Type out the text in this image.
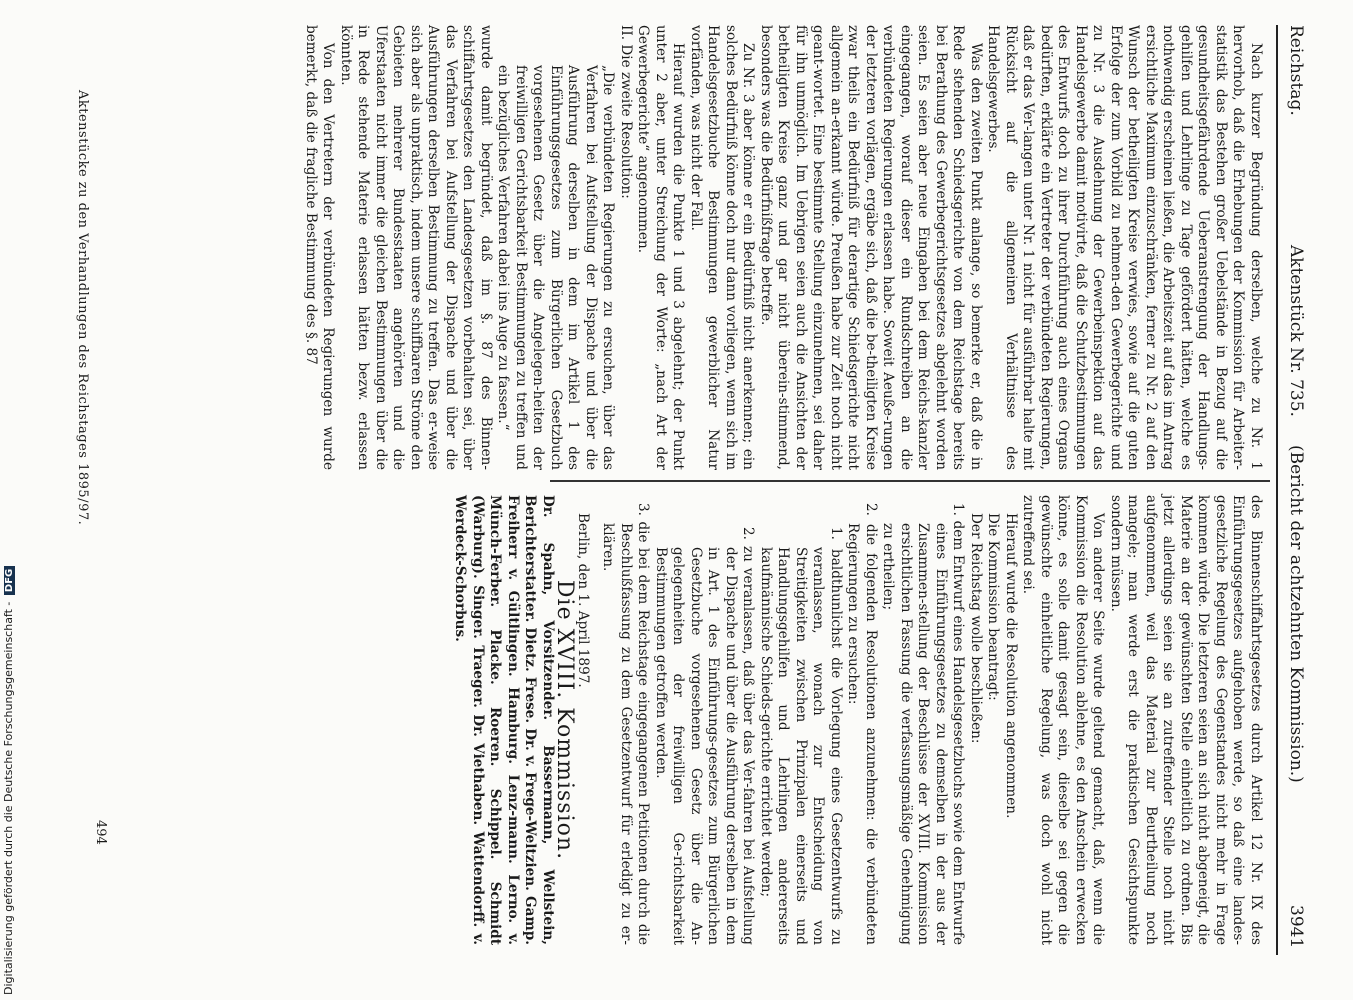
Reichstag.
Aktenstück Nr. 735.
(Bericht der achtzehnten Kommission.)
3941

Nach kurzer Begründung derselben, welche zu Nr. 1 hervorhob, daß die Erhebungen der Kommission für Arbeiter-statistik das Bestehen großer Uebelstände in Bezug auf die gesundheitsgefährdende Ueberanstrengung der Handlungs-gehilfen und Lehrlinge zu Tage gefördert hätten, welche es nothwendig erscheinen ließen, die Arbeitszeit auf das im Antrag ersichtliche Maximum einzuschränken, ferner zu Nr. 2 auf den Wunsch der betheiligten Kreise verwies, sowie auf die guten Erfolge der zum Vorbild zu nehmen-den Gewerbegerichte und zu Nr. 3 die Ausdehnung der Gewerbeinspektion auf das Handelsgewerbe damit motivirte, daß die Schutzbestimmungen des Entwurfs doch zu ihrer Durchführung auch eines Organs bedürften, erklärte ein Vertreter der verbündeten Regierungen, daß er das Ver-langen unter Nr. 1 nicht für ausführbar halte mit Rücksicht auf die allgemeinen Verhältnisse des Handelsgewerbes.

Was den zweiten Punkt anlange, so bemerke er, daß die in Rede stehenden Schiedsgerichte von dem Reichstage bereits bei Berathung des Gewerbegerichtsgesetzes abgelehnt worden seien. Es seien aber neue Eingaben bei dem Reichs-kanzler eingegangen, worauf dieser ein Rundschreiben an die verbündeten Regierungen erlassen habe. Soweit Aeuße-rungen der letzteren vorlägen, ergäbe sich, daß die be-theiligten Kreise zwar theils ein Bedürfniß für derartige Schiedsgerichte nicht allgemein an-erkannt würde. Preußen habe zur Zeit noch nicht geant-wortet. Eine bestimmte Stellung einzunehmen, sei daher für ihn unmöglich. Im Uebrigen seien auch die Ansichten der betheiligten Kreise ganz und gar nicht überein-stimmend, besonders was die Bedürfnißfrage betreffe.

Zu Nr. 3 aber könne er ein Bedürfniß nicht anerkennen; ein solches Bedürfniß könne doch nur dann vorliegen, wenn sich im Handelsgesetzbuche Bestimmungen gewerblicher Natur vorfänden, was nicht der Fall.

Hierauf wurden die Punkte 1 und 3 abgelehnt; der Punkt unter 2 aber, unter Streichung der Worte: „nach Art der Gewerbegerichte“ angenommen.

II. Die zweite Resolution:

„Die verbündeten Regierungen zu ersuchen, über das Verfahren bei Aufstellung der Dispache und über die Ausführung derselben in dem im Artikel 1 des Einführungsgesetzes zum Bürgerlichen Gesetzbuch vorgesehenen Gesetz über die Angelegen-heiten der freiwilligen Gerichtsbarkeit Bestimmungen zu treffen und ein bezügliches Verfahren dabei ins Auge zu fassen.“

wurde damit begründet, daß im §. 87 des Binnen-schiffahrtsgesetzes den Landesgesetzen vorbehalten sei, über das Verfahren bei Aufstellung der Dispache und über die Ausführungen derselben Bestimmung zu treffen. Das er-weise sich aber als unpraktisch, indem unsere schiffbaren Ströme den Gebieten mehrerer Bundesstaaten angehörten und die Uferstaaten nicht immer die gleichen Bestimmungen über die in Rede stehende Materie erlassen hätten bezw. erlassen könnten.

Von den Vertretern der verbündeten Regierungen wurde bemerkt, daß die fragliche Bestimmung des §. 87

des Binnenschiffahrtsgesetzes durch Artikel 12 Nr. IX des Einführungsgesetzes aufgehoben werde, so daß eine landes-gesetzliche Regelung des Gegenstandes nicht mehr in Frage kommen würde. Die letzteren seien an sich nicht abgeneigt, die Materie an der gewünschten Stelle einheitlich zu ordnen. Bis jetzt allerdings seien sie an zutreffender Stelle noch nicht aufgenommen, weil das Material zur Beurtheilung noch mangele; man werde erst die praktischen Gesichtspunkte sondern müssen.

Von anderer Seite wurde geltend gemacht, daß, wenn die Kommission die Resolution ablehne, es den Anschein erwecken könne, es solle damit gesagt sein, dieselbe sei gegen die gewünschte einheitliche Regelung, was doch wohl nicht zutreffend sei.

Hierauf wurde die Resolution angenommen.

Die Kommission beantragt:

Der Reichstag wolle beschließen:

1. dem Entwurf eines Handelsgesetzbuchs sowie dem Entwurfe eines Einführungsgesetzes zu demselben in der aus der Zusammen-stellung der Beschlüsse der XVIII. Kommission ersichtlichen Fassung die verfassungsmäßige Genehmigung zu ertheilen;

2. die folgenden Resolutionen anzunehmen: die verbündeten Regierungen zu ersuchen:

1. baldthunlichst die Vorlegung eines Gesetzentwurfs zu veranlassen, wonach zur Entscheidung von Streitigkeiten zwischen Prinzipalen einerseits und Handlungsgehilfen und Lehrlingen andererseits kaufmännische Schieds-gerichte errichtet werden;

2. zu veranlassen, daß über das Ver-fahren bei Aufstellung der Dispache und über die Ausführung derselben in dem in Art. 1 des Einführungs-gesetzes zum Bürgerlichen Gesetzbuche vorgesehenen Gesetz über die An-gelegenheiten der freiwilligen Ge-richtsbarkeit Bestimmungen getroffen werden.

3. die bei dem Reichstage eingegangenen Petitionen durch die Beschlußfassung zu dem Gesetzentwurf für erledigt zu er-klären.

Berlin, den 1. April 1897.

Die XVIII. Kommission.

Dr. Spahn, Vorsitzender. Bassermann, Wellstein, Berichterstatter. Dietz. Frese. Dr. v. Frege-Weltzien. Gamp. Freiherr v. Gültlingen. Hamburg. Lenz-mann. Lerno. v. Münch-Ferber. Placke. Roeren. Schippel. Schmidt (Warburg). Singer. Traeger. Dr. Viethaben. Wattendorff. v. Werdeck-Schorbus.

Aktenstücke zu den Verhandlungen des Reichstages 1895/97.
494
Digitalisierung gefördert durch die Deutsche Forschungsgemeinschaft - DFG
